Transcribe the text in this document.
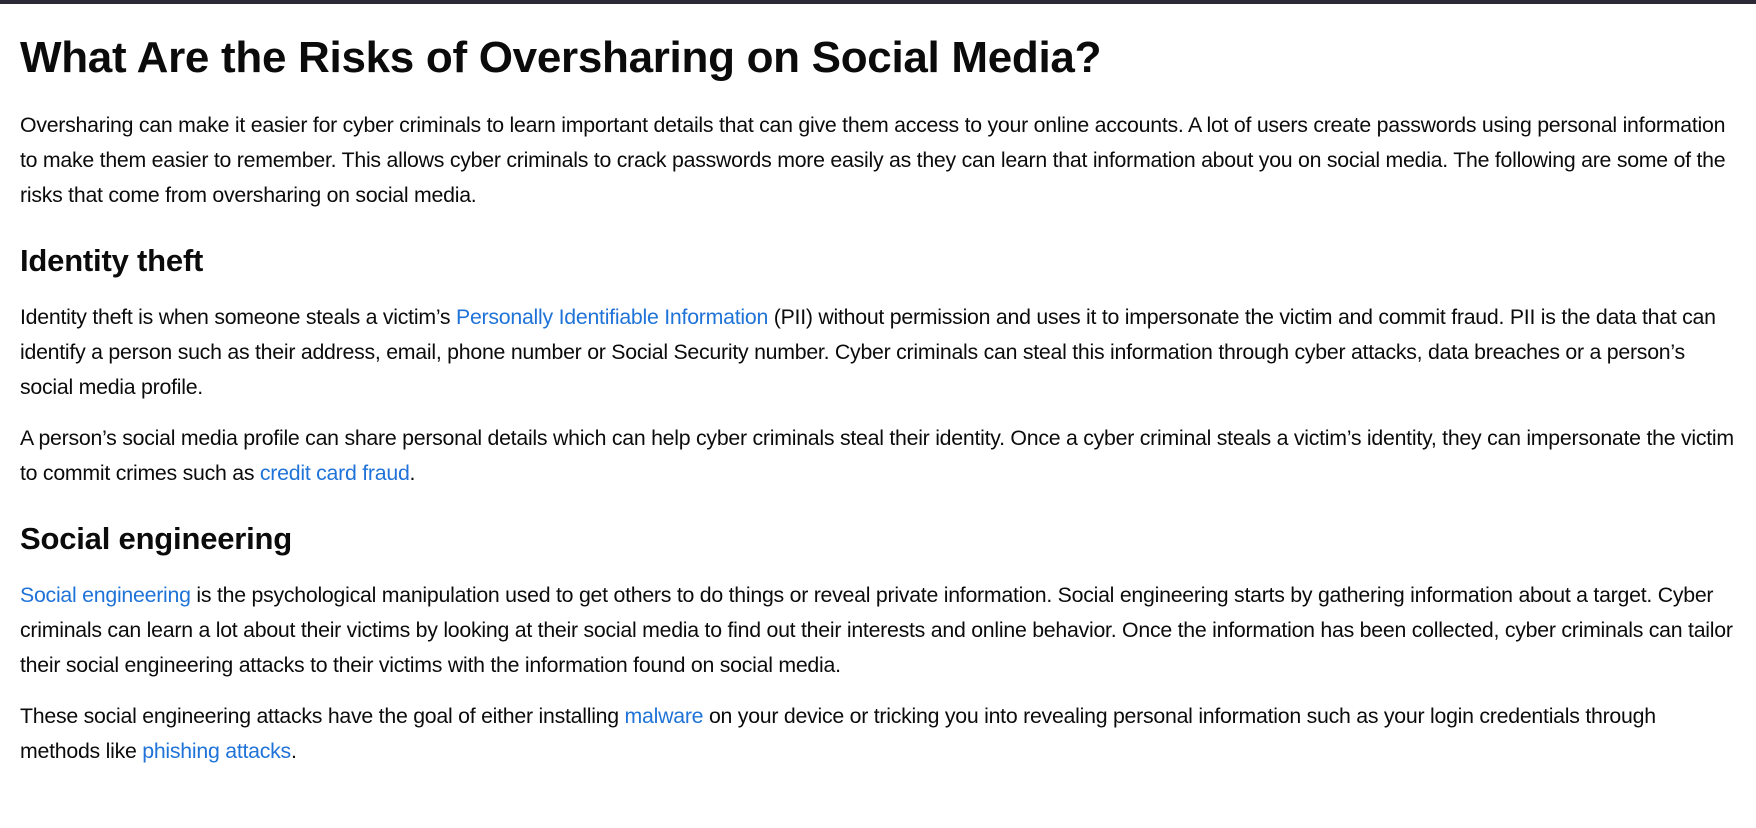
What Are the Risks of Oversharing on Social Media?

Oversharing can make it easier for cyber criminals to learn important details that can give them access to your online accounts. A lot of users create passwords using personal information to make them easier to remember. This allows cyber criminals to crack passwords more easily as they can learn that information about you on social media. The following are some of the risks that come from oversharing on social media.

Identity theft

Identity theft is when someone steals a victim’s Personally Identifiable Information (PII) without permission and uses it to impersonate the victim and commit fraud. PII is the data that can identify a person such as their address, email, phone number or Social Security number. Cyber criminals can steal this information through cyber attacks, data breaches or a person’s social media profile.

A person’s social media profile can share personal details which can help cyber criminals steal their identity. Once a cyber criminal steals a victim’s identity, they can impersonate the victim to commit crimes such as credit card fraud.

Social engineering

Social engineering is the psychological manipulation used to get others to do things or reveal private information. Social engineering starts by gathering information about a target. Cyber criminals can learn a lot about their victims by looking at their social media to find out their interests and online behavior. Once the information has been collected, cyber criminals can tailor their social engineering attacks to their victims with the information found on social media.

These social engineering attacks have the goal of either installing malware on your device or tricking you into revealing personal information such as your login credentials through methods like phishing attacks.
